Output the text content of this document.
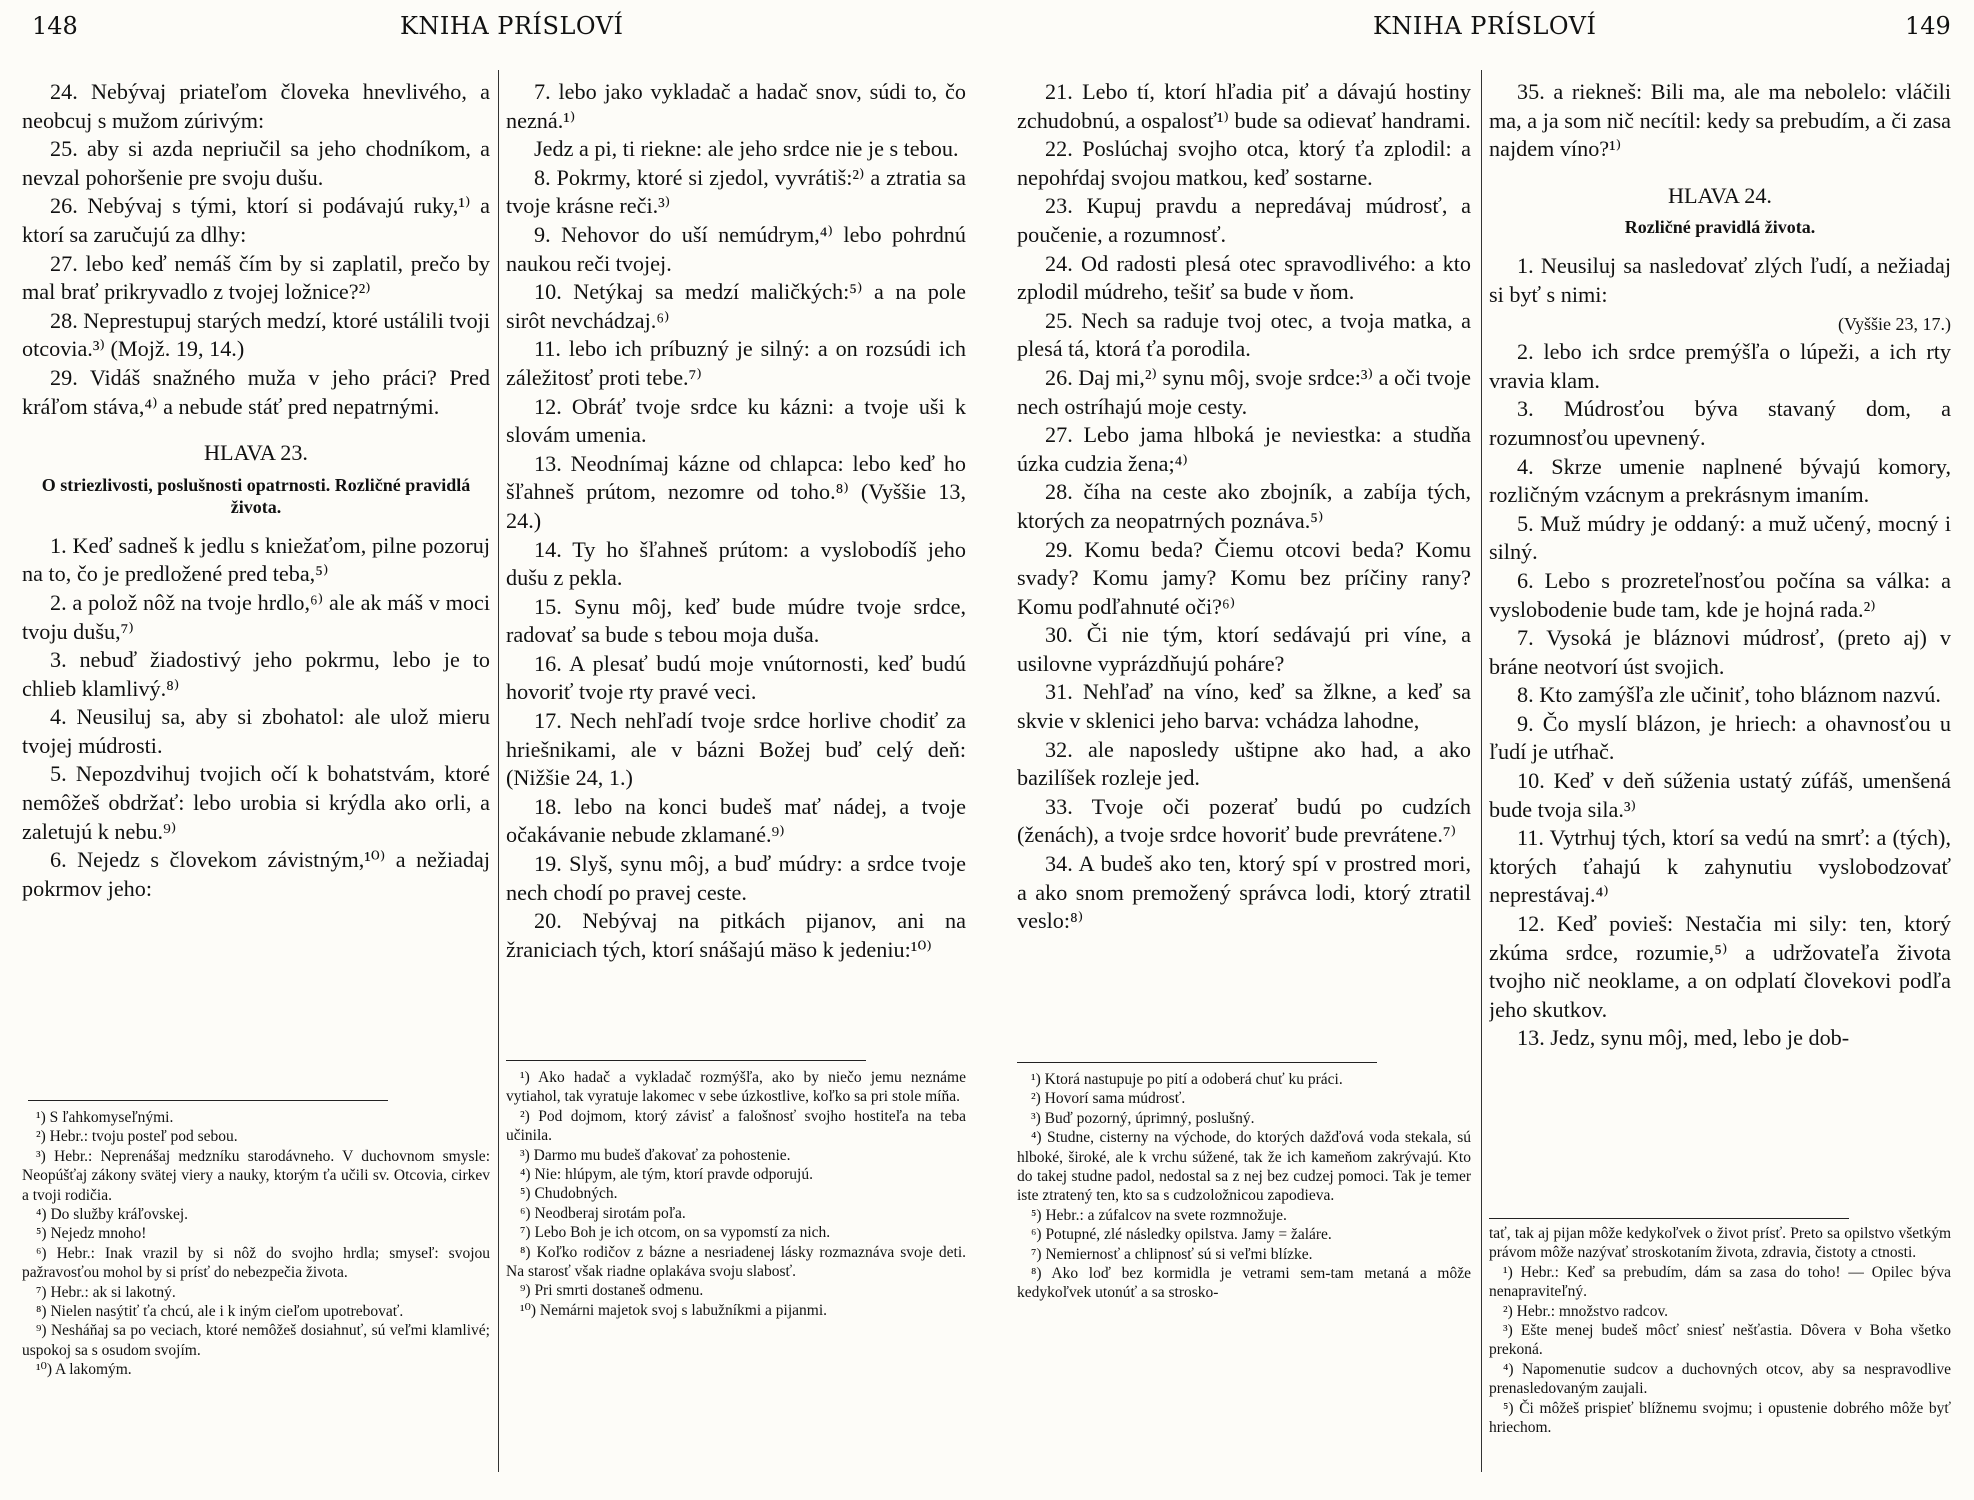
148	KNIHA PRÍSLOVÍ

24. Nebývaj priateľom človeka hnevlivého, a neobcuj s mužom zúrivým:

25. aby si azda nepriučil sa jeho chodníkom, a nevzal pohoršenie pre svoju dušu.

26. Nebývaj s tými, ktorí si podávajú ruky,¹⁾ a ktorí sa zaručujú za dlhy:

27. lebo keď nemáš čím by si zaplatil, prečo by mal brať prikryvadlo z tvojej ložnice?²⁾

28. Neprestupuj starých medzí, ktoré ustálili tvoji otcovia.³⁾ (Mojž. 19, 14.)

29. Vidáš snažného muža v jeho práci? Pred kráľom stáva,⁴⁾ a nebude stáť pred nepatrnými.

HLAVA 23.

O striezlivosti, poslušnosti opatrnosti. Rozličné pravidlá života.

1. Keď sadneš k jedlu s kniežaťom, pilne pozoruj na to, čo je predložené pred teba,⁵⁾

2. a polož nôž na tvoje hrdlo,⁶⁾ ale ak máš v moci tvoju dušu,⁷⁾

3. nebuď žiadostivý jeho pokrmu, lebo je to chlieb klamlivý.⁸⁾

4. Neusiluj sa, aby si zbohatol: ale ulož mieru tvojej múdrosti.

5. Nepozdvihuj tvojich očí k bohatstvám, ktoré nemôžeš obdržať: lebo urobia si krýdla ako orli, a zaletujú k nebu.⁹⁾

6. Nejedz s človekom závistným,¹⁰⁾ a nežiadaj pokrmov jeho:

7. lebo jako vykladač a hadač snov, súdi to, čo nezná.¹⁾

Jedz a pi, ti riekne: ale jeho srdce nie je s tebou.

8. Pokrmy, ktoré si zjedol, vyvrátiš:²⁾ a ztratia sa tvoje krásne reči.³⁾

9. Nehovor do uší nemúdrym,⁴⁾ lebo pohrdnú naukou reči tvojej.

10. Netýkaj sa medzí maličkých:⁵⁾ a na pole sirôt nevchádzaj.⁶⁾

11. lebo ich príbuzný je silný: a on rozsúdi ich záležitosť proti tebe.⁷⁾

12. Obráť tvoje srdce ku kázni: a tvoje uši k slovám umenia.

13. Neodnímaj kázne od chlapca: lebo keď ho šľahneš prútom, nezomre od toho.⁸⁾ (Vyššie 13, 24.)

14. Ty ho šľahneš prútom: a vyslobodíš jeho dušu z pekla.

15. Synu môj, keď bude múdre tvoje srdce, radovať sa bude s tebou moja duša.

16. A plesať budú moje vnútornosti, keď budú hovoriť tvoje rty pravé veci.

17. Nech nehľadí tvoje srdce horlive chodiť za hriešnikami, ale v bázni Božej buď celý deň: (Nižšie 24, 1.)

18. lebo na konci budeš mať nádej, a tvoje očakávanie nebude zklamané.⁹⁾

19. Slyš, synu môj, a buď múdry: a srdce tvoje nech chodí po pravej ceste.

20. Nebývaj na pitkách pijanov, ani na žraniciach tých, ktorí snášajú mäso k jedeniu:¹⁰⁾

¹) S ľahkomyseľnými.

²) Hebr.: tvoju posteľ pod sebou.

³) Hebr.: Neprenášaj medzníku starodávneho. V duchovnom smysle: Neopúšťaj zákony svätej viery a nauky, ktorým ťa učili sv. Otcovia, cirkev a tvoji rodičia.

⁴) Do služby kráľovskej.

⁵) Nejedz mnoho!

⁶) Hebr.: Inak vrazil by si nôž do svojho hrdla; smyseľ: svojou pažravosťou mohol by si prísť do nebezpečia života.

⁷) Hebr.: ak si lakotný.

⁸) Nielen nasýtiť ťa chcú, ale i k iným cieľom upotrebovať.

⁹) Nesháňaj sa po veciach, ktoré nemôžeš dosiahnuť, sú veľmi klamlivé; uspokoj sa s osudom svojím.

¹⁰) A lakomým.

¹) Ako hadač a vykladač rozmýšľa, ako by niečo jemu neznáme vytiahol, tak vyratuje lakomec v sebe úzkostlive, koľko sa pri stole míňa.

²) Pod dojmom, ktorý závisť a falošnosť svojho hostiteľa na teba učinila.

³) Darmo mu budeš ďakovať za pohostenie.

⁴) Nie: hlúpym, ale tým, ktorí pravde odporujú.

⁵) Chudobných.

⁶) Neodberaj sirotám poľa.

⁷) Lebo Boh je ich otcom, on sa vypomstí za nich.

⁸) Koľko rodičov z bázne a nesriadenej lásky rozmaznáva svoje deti. Na starosť však riadne oplakáva svoju slabosť.

⁹) Pri smrti dostaneš odmenu.

¹⁰) Nemárni majetok svoj s labužníkmi a pijanmi.

KNIHA PRÍSLOVÍ	149

21. Lebo tí, ktorí hľadia piť a dávajú hostiny zchudobnú, a ospalosť¹⁾ bude sa odievať handrami.

22. Poslúchaj svojho otca, ktorý ťa zplodil: a nepohŕdaj svojou matkou, keď sostarne.

23. Kupuj pravdu a nepredávaj múdrosť, a poučenie, a rozumnosť.

24. Od radosti plesá otec spravodlivého: a kto zplodil múdreho, tešiť sa bude v ňom.

25. Nech sa raduje tvoj otec, a tvoja matka, a plesá tá, ktorá ťa porodila.

26. Daj mi,²⁾ synu môj, svoje srdce:³⁾ a oči tvoje nech ostríhajú moje cesty.

27. Lebo jama hlboká je neviestka: a studňa úzka cudzia žena;⁴⁾

28. číha na ceste ako zbojník, a zabíja tých, ktorých za neopatrných poznáva.⁵⁾

29. Komu beda? Čiemu otcovi beda? Komu svady? Komu jamy? Komu bez príčiny rany? Komu podľahnuté oči?⁶⁾

30. Či nie tým, ktorí sedávajú pri víne, a usilovne vyprázdňujú poháre?

31. Nehľaď na víno, keď sa žlkne, a keď sa skvie v sklenici jeho barva: vchádza lahodne,

32. ale naposledy uštipne ako had, a ako bazilíšek rozleje jed.

33. Tvoje oči pozerať budú po cudzích (ženách), a tvoje srdce hovoriť bude prevrátene.⁷⁾

34. A budeš ako ten, ktorý spí v prostred mori, a ako snom premožený správca lodi, ktorý ztratil veslo:⁸⁾

35. a riekneš: Bili ma, ale ma nebolelo: vláčili ma, a ja som nič necítil: kedy sa prebudím, a či zasa najdem víno?¹⁾

HLAVA 24.

Rozličné pravidlá života.

1. Neusiluj sa nasledovať zlých ľudí, a nežiadaj si byť s nimi:

(Vyššie 23, 17.)

2. lebo ich srdce premýšľa o lúpeži, a ich rty vravia klam.

3. Múdrosťou býva stavaný dom, a rozumnosťou upevnený.

4. Skrze umenie naplnené bývajú komory, rozličným vzácnym a prekrásnym imaním.

5. Muž múdry je oddaný: a muž učený, mocný i silný.

6. Lebo s prozreteľnosťou počína sa válka: a vyslobodenie bude tam, kde je hojná rada.²⁾

7. Vysoká je bláznovi múdrosť, (preto aj) v bráne neotvorí úst svojich.

8. Kto zamýšľa zle učiniť, toho bláznom nazvú.

9. Čo myslí blázon, je hriech: a ohavnosťou u ľudí je utŕhač.

10. Keď v deň súženia ustatý zúfáš, umenšená bude tvoja sila.³⁾

11. Vytrhuj tých, ktorí sa vedú na smrť: a (tých), ktorých ťahajú k zahynutiu vyslobodzovať neprestávaj.⁴⁾

12. Keď povieš: Nestačia mi sily: ten, ktorý zkúma srdce, rozumie,⁵⁾ a udržovateľa života tvojho nič neoklame, a on odplatí človekovi podľa jeho skutkov.

13. Jedz, synu môj, med, lebo je dob-

¹) Ktorá nastupuje po pití a odoberá chuť ku práci.

²) Hovorí sama múdrosť.

³) Buď pozorný, úprimný, poslušný.

⁴) Studne, cisterny na východe, do ktorých dažďová voda stekala, sú hlboké, široké, ale k vrchu súžené, tak že ich kameňom zakrývajú. Kto do takej studne padol, nedostal sa z nej bez cudzej pomoci. Tak je temer iste ztratený ten, kto sa s cudzoložnicou zapodieva.

⁵) Hebr.: a zúfalcov na svete rozmnožuje.

⁶) Potupné, zlé následky opilstva. Jamy = žaláre.

⁷) Nemiernosť a chlipnosť sú si veľmi blízke.

⁸) Ako loď bez kormidla je vetrami sem-tam metaná a môže kedykoľvek utonúť a sa strosko-

tať, tak aj pijan môže kedykoľvek o život prísť. Preto sa opilstvo všetkým právom môže nazývať stroskotaním života, zdravia, čistoty a ctnosti.

¹) Hebr.: Keď sa prebudím, dám sa zasa do toho! — Opilec býva nenapraviteľný.

²) Hebr.: množstvo radcov.

³) Ešte menej budeš môcť sniesť nešťastia. Dôvera v Boha všetko prekoná.

⁴) Napomenutie sudcov a duchovných otcov, aby sa nespravodlive prenasledovaným zaujali.

⁵) Či môžeš prispieť blížnemu svojmu; i opustenie dobrého môže byť hriechom.
